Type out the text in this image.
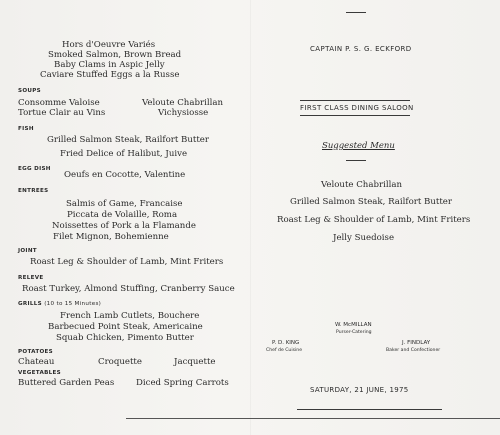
Hors d'Oeuvre Variés
Smoked Salmon, Brown Bread
Baby Clams in Aspic Jelly
Caviare Stuffed Eggs a la Russe
SOUPS
Consomme Valoise	Veloute Chabrillan
Tortue Clair au Vins	Vichysiosse
FISH
Grilled Salmon Steak, Railfort Butter
Fried Delice of Halibut, Juive
EGG DISH
Oeufs en Cocotte, Valentine
ENTREES
Salmis of Game, Francaise
Piccata de Volaille, Roma
Noissettes of Pork a la Flamande
Filet Mignon, Bohemienne
JOINT
Roast Leg & Shoulder of Lamb, Mint Friters
RELEVE
Roast Turkey, Almond Stuffing, Cranberry Sauce
GRILLS (10 to 15 Minutes)
French Lamb Cutlets, Bouchere
Barbecued Point Steak, Americaine
Squab Chicken, Pimento Butter
POTATOES
Chateau	Croquette	Jacquette
VEGETABLES
Buttered Garden Peas	Diced Spring Carrots
CAPTAIN P. S. G. ECKFORD
FIRST CLASS DINING SALOON
Suggested Menu
Veloute Chabrillan
Grilled Salmon Steak, Railfort Butter
Roast Leg & Shoulder of Lamb, Mint Friters
Jelly Suedoise
W. McMILLAN
Purser-Catering
P. D. KING
Chef de Cuisine
J. FINDLAY
Baker and Confectioner
SATURDAY, 21 JUNE, 1975
